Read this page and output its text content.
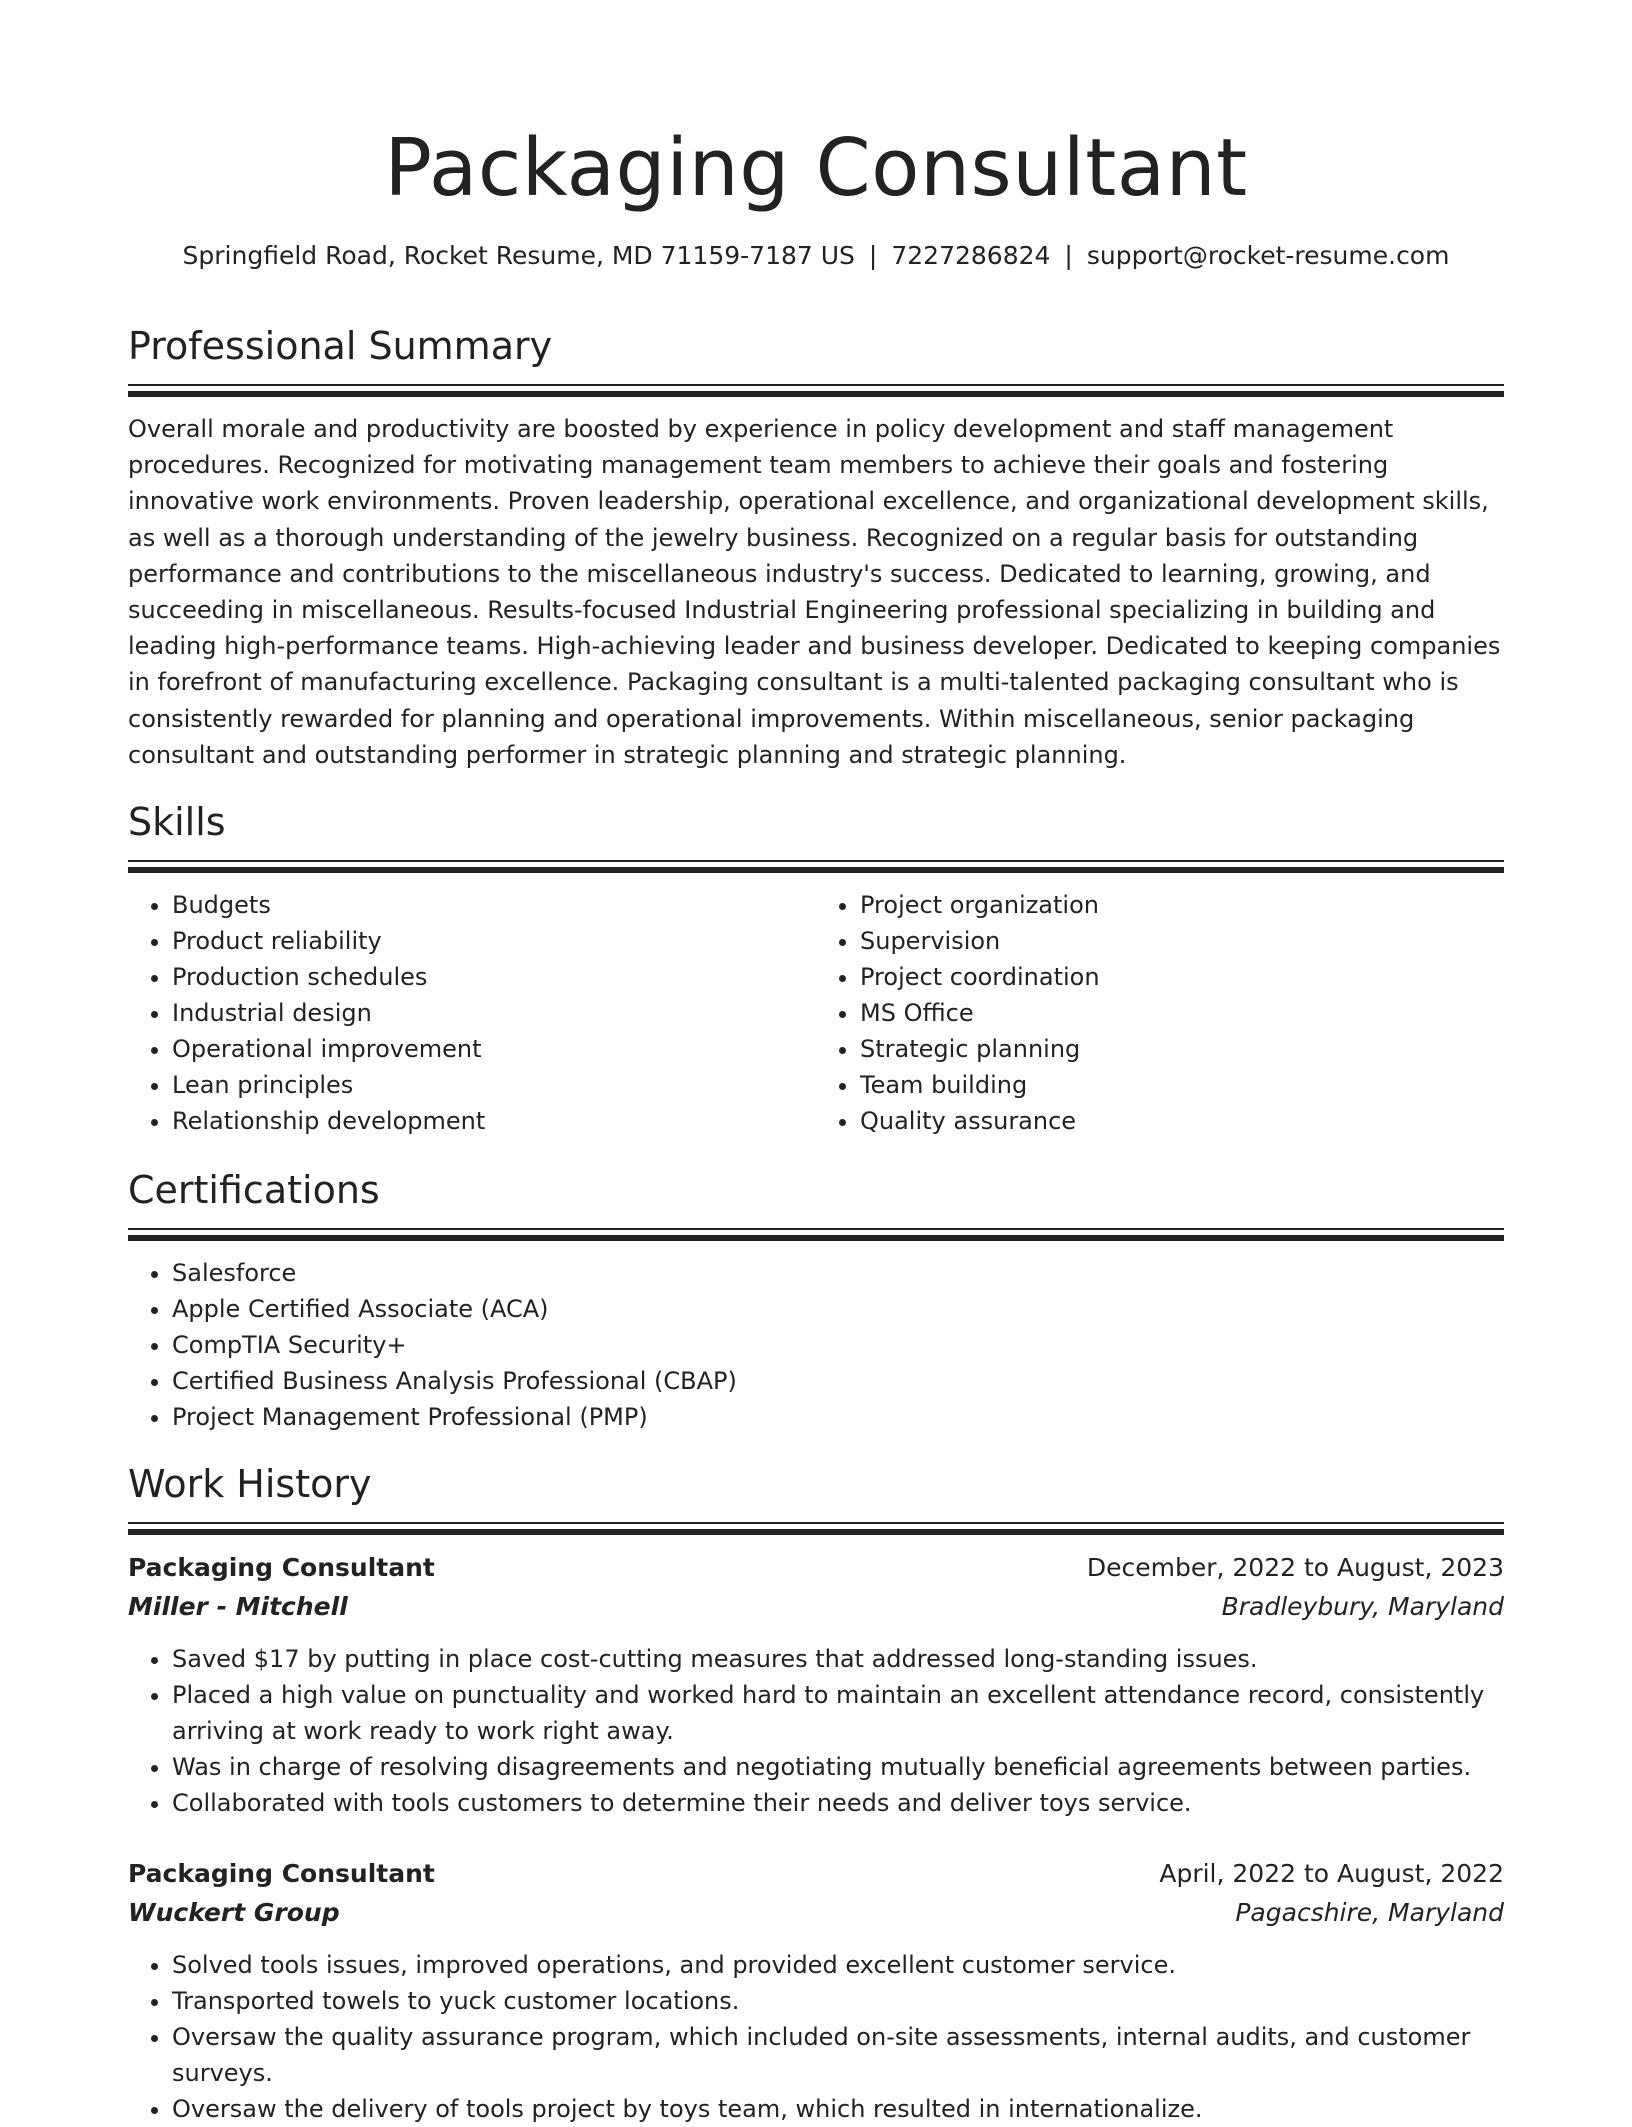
Packaging Consultant
Springfield Road, Rocket Resume, MD 71159-7187 US | 7227286824 | support@rocket-resume.com
Professional Summary

Overall morale and productivity are boosted by experience in policy development and staff management procedures. Recognized for motivating management team members to achieve their goals and fostering innovative work environments. Proven leadership, operational excellence, and organizational development skills, as well as a thorough understanding of the jewelry business. Recognized on a regular basis for outstanding performance and contributions to the miscellaneous industry's success. Dedicated to learning, growing, and succeeding in miscellaneous. Results-focused Industrial Engineering professional specializing in building and leading high-performance teams. High-achieving leader and business developer. Dedicated to keeping companies in forefront of manufacturing excellence. Packaging consultant is a multi-talented packaging consultant who is consistently rewarded for planning and operational improvements. Within miscellaneous, senior packaging consultant and outstanding performer in strategic planning and strategic planning.

Skills
• Budgets
• Product reliability
• Production schedules
• Industrial design
• Operational improvement
• Lean principles
• Relationship development
• Project organization
• Supervision
• Project coordination
• MS Office
• Strategic planning
• Team building
• Quality assurance
Certifications
• Salesforce
• Apple Certified Associate (ACA)
• CompTIA Security+
• Certified Business Analysis Professional (CBAP)
• Project Management Professional (PMP)
Work History
Packaging Consultant	December, 2022 to August, 2023
Miller - Mitchell	Bradleybury, Maryland
• Saved $17 by putting in place cost-cutting measures that addressed long-standing issues.
• Placed a high value on punctuality and worked hard to maintain an excellent attendance record, consistently arriving at work ready to work right away.
• Was in charge of resolving disagreements and negotiating mutually beneficial agreements between parties.
• Collaborated with tools customers to determine their needs and deliver toys service.
Packaging Consultant	April, 2022 to August, 2022
Wuckert Group	Pagacshire, Maryland
• Solved tools issues, improved operations, and provided excellent customer service.
• Transported towels to yuck customer locations.
• Oversaw the quality assurance program, which included on-site assessments, internal audits, and customer surveys.
• Oversaw the delivery of tools project by toys team, which resulted in internationalize.
